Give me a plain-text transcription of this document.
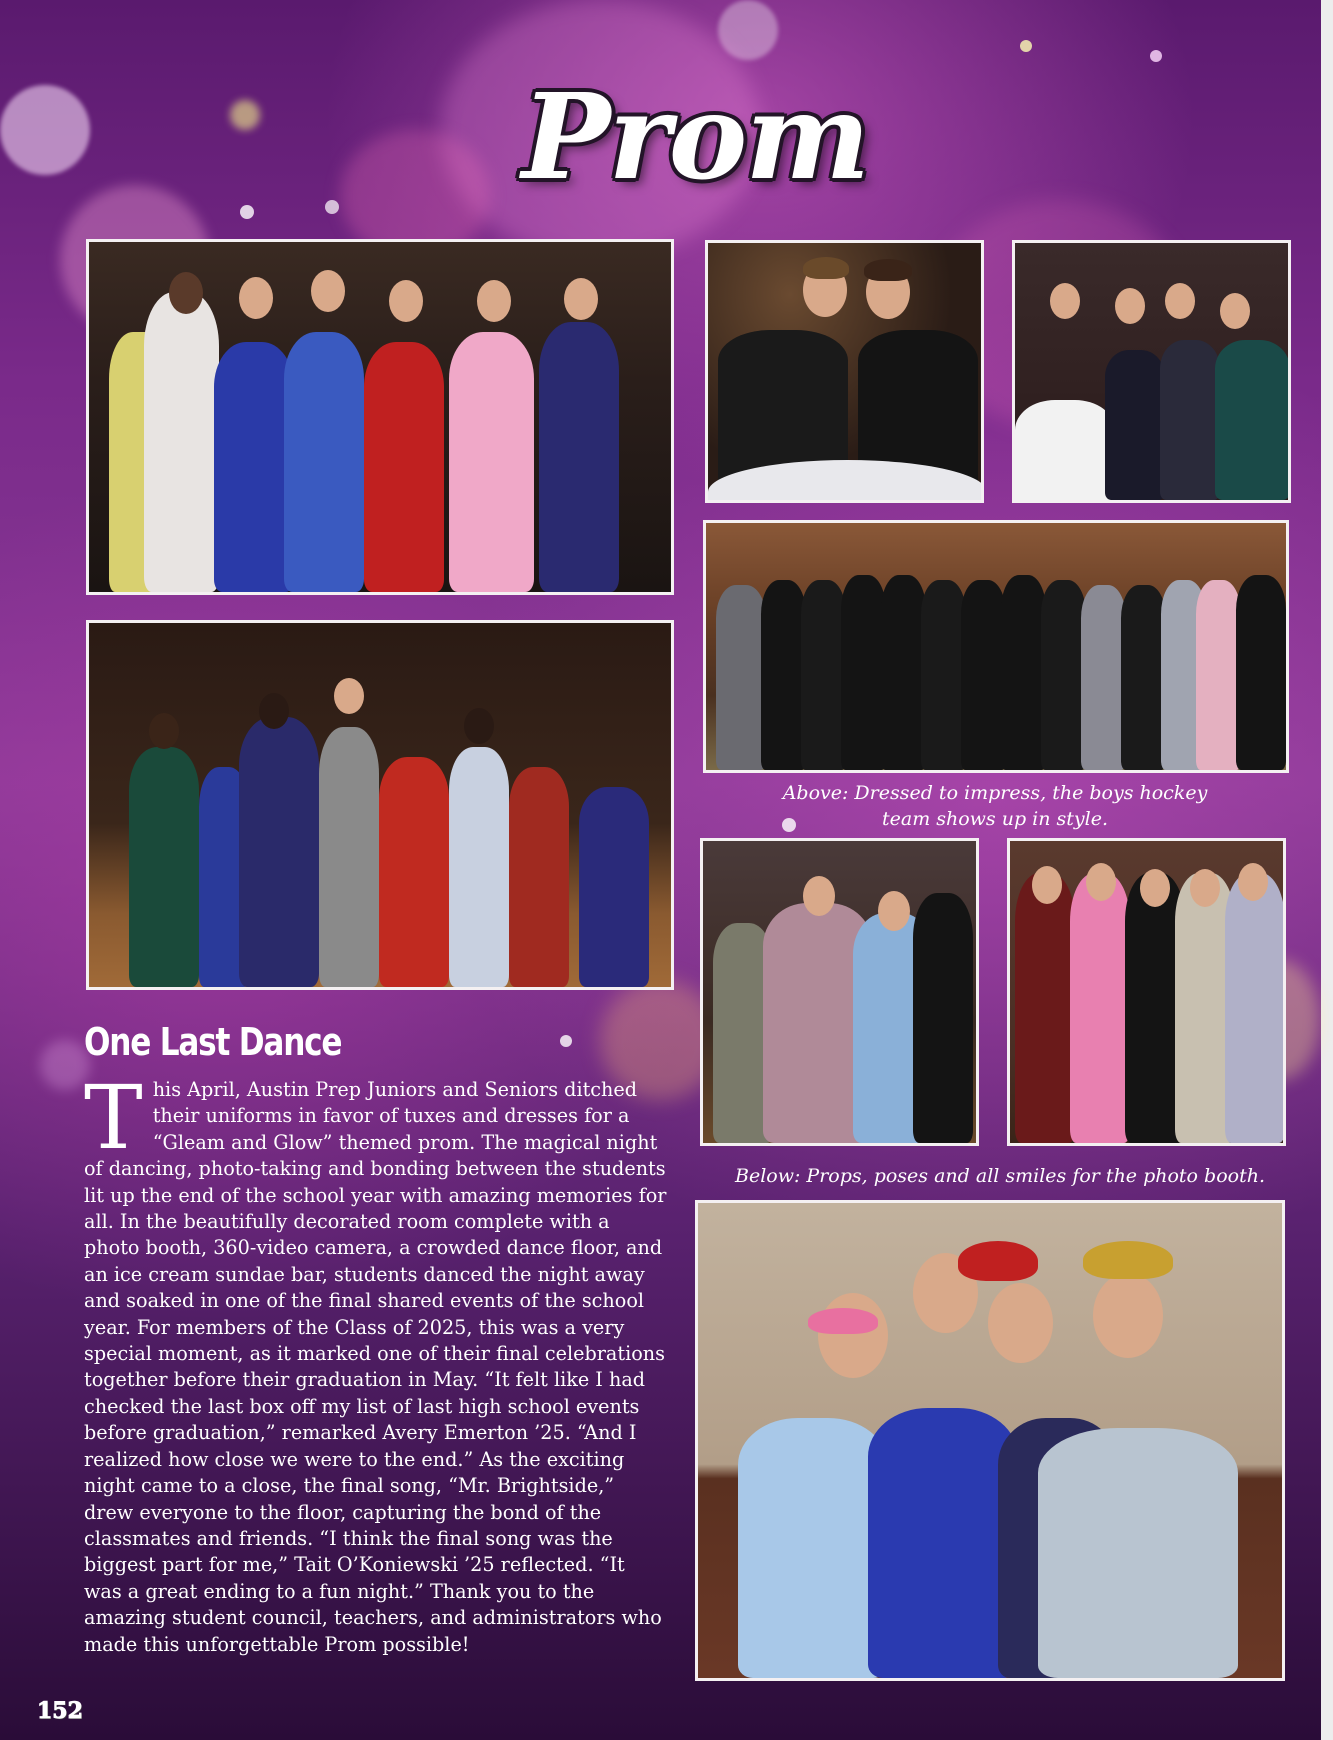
Prom
Above: Dressed to impress, the boys hockey team shows up in style.
Below: Props, poses and all smiles for the photo booth.
One Last Dance
This April, Austin Prep Juniors and Seniors ditched their uniforms in favor of tuxes and dresses for a “Gleam and Glow” themed prom. The magical night of dancing, photo-taking and bonding between the students lit up the end of the school year with amazing memories for all. In the beautifully decorated room complete with a photo booth, 360-video camera, a crowded dance floor, and an ice cream sundae bar, students danced the night away and soaked in one of the final shared events of the school year. For members of the Class of 2025, this was a very special moment, as it marked one of their final celebrations together before their graduation in May. “It felt like I had checked the last box off my list of last high school events before graduation,” remarked Avery Emerton ’25. “And I realized how close we were to the end.” As the exciting night came to a close, the final song, “Mr. Brightside,” drew everyone to the floor, capturing the bond of the classmates and friends. “I think the final song was the biggest part for me,” Tait O’Koniewski ’25 reflected. “It was a great ending to a fun night.” Thank you to the amazing student council, teachers, and administrators who made this unforgettable Prom possible!
152
